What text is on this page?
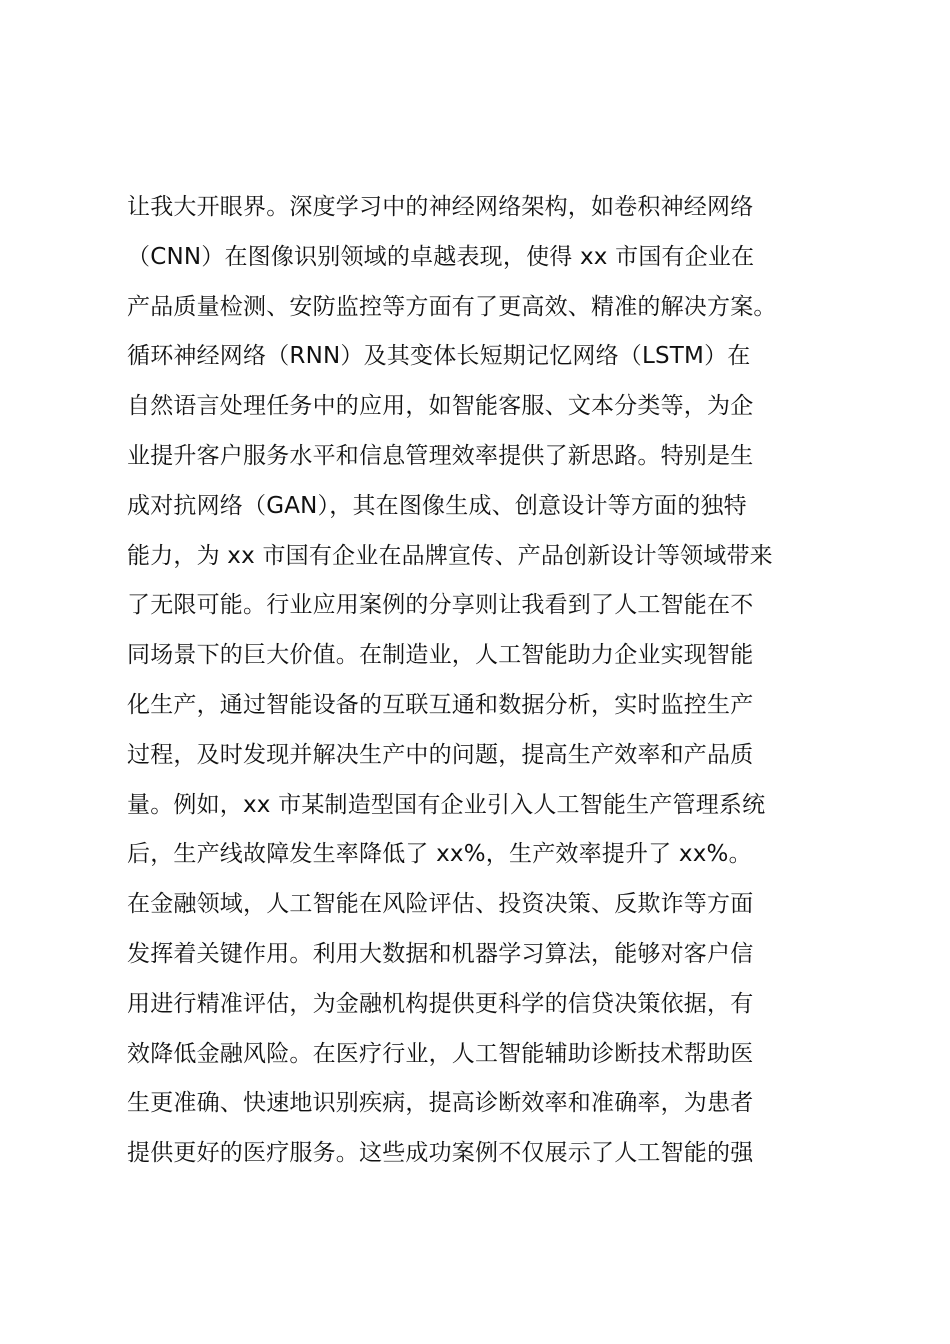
让我大开眼界。深度学习中的神经网络架构，如卷积神经网络
（CNN）在图像识别领域的卓越表现，使得 xx 市国有企业在
产品质量检测、安防监控等方面有了更高效、精准的解决方案。
循环神经网络（RNN）及其变体长短期记忆网络（LSTM）在
自然语言处理任务中的应用，如智能客服、文本分类等，为企
业提升客户服务水平和信息管理效率提供了新思路。特别是生
成对抗网络（GAN），其在图像生成、创意设计等方面的独特
能力，为 xx 市国有企业在品牌宣传、产品创新设计等领域带来
了无限可能。行业应用案例的分享则让我看到了人工智能在不
同场景下的巨大价值。在制造业，人工智能助力企业实现智能
化生产，通过智能设备的互联互通和数据分析，实时监控生产
过程，及时发现并解决生产中的问题，提高生产效率和产品质
量。例如，xx 市某制造型国有企业引入人工智能生产管理系统
后，生产线故障发生率降低了 xx%，生产效率提升了 xx%。
在金融领域，人工智能在风险评估、投资决策、反欺诈等方面
发挥着关键作用。利用大数据和机器学习算法，能够对客户信
用进行精准评估，为金融机构提供更科学的信贷决策依据，有
效降低金融风险。在医疗行业，人工智能辅助诊断技术帮助医
生更准确、快速地识别疾病，提高诊断效率和准确率，为患者
提供更好的医疗服务。这些成功案例不仅展示了人工智能的强
